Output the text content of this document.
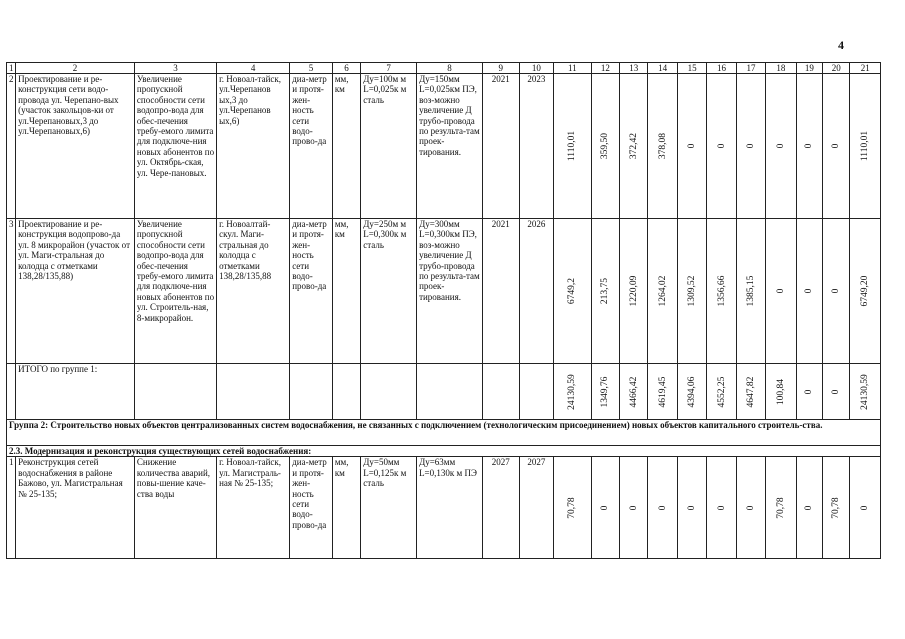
4
1	2	3	4	5	6	7	8	9	10	11	12	13	14	15	16	17	18	19	20	21
2	Проектирование и ре-конструкция сети водо-провода ул. Черепано-вых (участок закольцов-ки от ул.Черепановых,3 до ул.Черепановых,6)	Увеличение пропускной способности сети водопро-вода для обес-печения требу-емого лимита для подключе-ния новых абонентов по ул. Октябрь-ская, ул. Чере-пановых.	г. Новоал-тайск, ул.Черепанов ых,3 до ул.Черепанов ых,6)	диа-метр и протя-жен-ность сети водо-прово-да	мм, км	Ду=100м м L=0,025к м сталь	Ду=150мм L=0,025км ПЭ, воз-можно увеличение Д трубо-провода по результа-там проек-тирования.	2021	2023	1110,01	359,50	372,42	378,08	0	0	0	0	0	0	1110,01

3	Проектирование и ре-конструкция водопрово-да ул. 8 микрорайон (участок от ул. Маги-стральная до колодца с отметками 138,28/135,88)	Увеличение пропускной способности сети водопро-вода для обес-печения требу-емого лимита для подключе-ния новых абонентов по ул. Строитель-ная, 8-микрорайон.	г. Новоалтай-скул. Маги-стральная до колодца с отметками 138,28/135,88	диа-метр и протя-жен-ность сети водо-прово-да	мм, км	Ду=250м м L=0,300к м сталь	Ду=300мм L=0,300км ПЭ, воз-можно увеличение Д трубо-провода по результа-там проек-тирования.	2021	2026	6749,2	213,75	1220,09	1264,02	1309,52	1356,66	1385,15	0	0	0	6749,20

	ИТОГО по группе 1:									24130,59	1349,76	4466,42	4619,45	4394,06	4552,25	4647,82	100,84	0	0	24130,59

Группа 2: Строительство новых объектов централизованных систем водоснабжения, не связанных с подключением (технологическим присоединением) новых объектов капитального строитель-ства.																				
2.3. Модернизация и реконструкция существующих сетей водоснабжения:																				
1	Реконструкция сетей водоснабжения в районе Бажово, ул. Магистральная № 25-135;	Снижение количества аварий, повы-шение каче-ства воды	г. Новоал-тайск, ул. Магистраль-ная № 25-135;	диа-метр и протя-жен-ность сети водо-прово-да	мм, км	Ду=50мм L=0,125к м сталь	Ду=63мм L=0,130к м ПЭ	2027	2027	70,78	0	0	0	0	0	0	70,78	0	70,78	0
